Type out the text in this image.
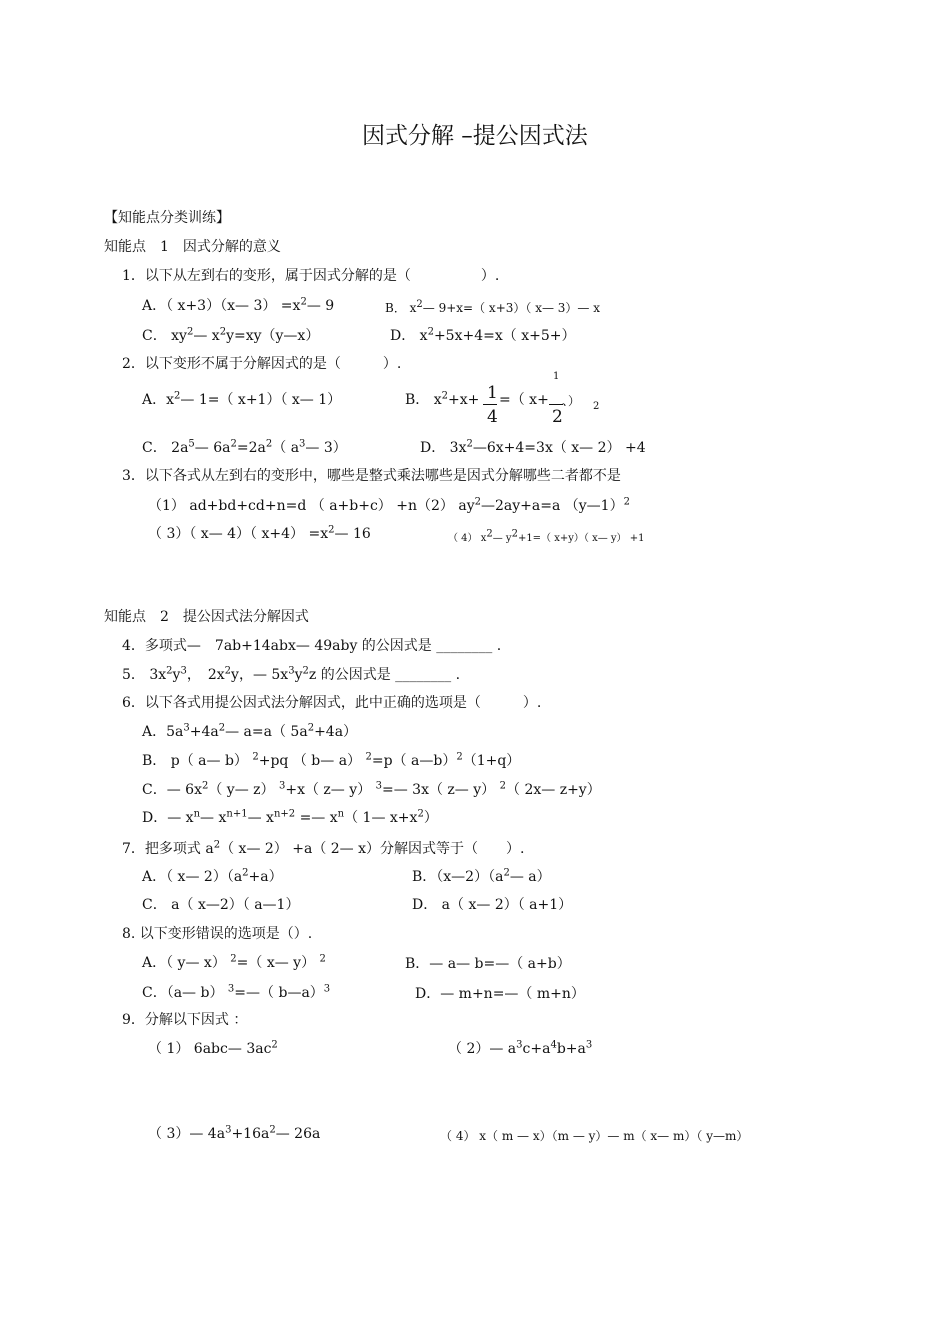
因式分解 –提公因式法
【知能点分类训练】
知能点　1　因式分解的意义
1．以下从左到右的变形，属于因式分解的是（　　　　　）.
A．（ x+3）（x— $3) =x^2—$ 9	B． $x^2—$ 9+x=（ x+3）（ x— 3）— x
C． $xy^2—$ $x^2y=xy(y—x)$	D． $x^2+5x+4=x$（ x+5+）
2．以下变形不属于分解因式的是（　　　）.
A．$x^2—$ 1=（ x+1）（ x— 1）	B． $x^2+x+ 1$
4
=（ x+
1
2
、） 2
C． $2a^5—$ $6a^2=2a^2$（ $a^3—$ 3）	D． $3x^2—6x+4=3x$（ x— 2） +4
3．以下各式从左到右的变形中，哪些是整式乘法哪些是因式分解哪些二者都不是
（1） ad+bd+cd+n=d （ a+b+c） +n（2） $ay^2—2ay+a=a$ （y—1）$^2$
（ 3）（ x— 4）（ $x+4) =x^2—$ 16	（ 4） $x^2—$ $y^2+1=$（ x+y）（ x— y） +1
知能点　2　提公因式法分解因式
4．多项式—　7ab+14abx— 49aby 的公因式是 ________ .
5． $3x^2y^3$，　$2x^2y$，— $5x^3y^2z$ 的公因式是 ________ .
6．以下各式用提公因式法分解因式，此中正确的选项是（　　　）.
A．$5a^3+4a^2—$ a=a（ $5a^2+4a$）
B． p（ a— b） $^2$+pq （ b— a） $^2$=p（ a—b）$^2$（1+q）
C．— $6x^2$（ y— z） $^3$+x（ z— y） $^3$=— 3x（ z— y） $^2$（ 2x— z+y）
D．— $x^n—$ $x^{n+1}—$ $x^{n+2}$ =— $x^n$（ 1— $x+x^2$）
7．把多项式 $a^2$（ x— 2） +a（ 2— x）分解因式等于（　　）.
A．（ x— $2)(a^2+a)$	B．$(x—2)(a^2—$ a）
C． a（ x—2）（ a—1）	D． a（ x— 2）（ a+1）
8. 以下变形错误的选项是（）.
A．（ y— x） $^2$=（ x— y） $^2$	B．— a— b=—（ a+b）
C．（a— b） $^3$=—（ b—a）$^3$	D．— m+n=—（ m+n）
9．分解以下因式 ：
（ 1） 6abc— $3ac^2$	（ 2）— $a^3c+a^4b+a^3$
（ 3）— $4a^3+16a^2—$ 26a	（ 4） x（ m — x）（m — y）— m（ x— m）（ y—m）
